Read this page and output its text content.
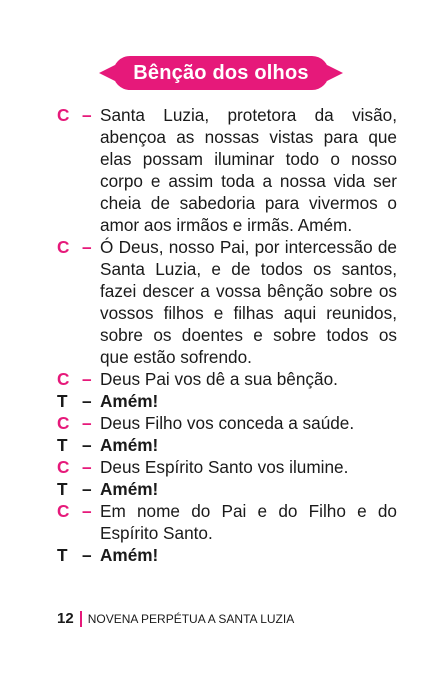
Bênção dos olhos
C – Santa Luzia, protetora da visão, abençoa as nossas vistas para que elas possam iluminar todo o nosso corpo e assim toda a nossa vida ser cheia de sabedoria para vivermos o amor aos irmãos e irmãs. Amém.
C – Ó Deus, nosso Pai, por intercessão de Santa Luzia, e de todos os santos, fazei descer a vossa bênção sobre os vossos filhos e filhas aqui reunidos, sobre os doentes e sobre todos os que estão sofrendo.
C – Deus Pai vos dê a sua bênção.
T – Amém!
C – Deus Filho vos conceda a saúde.
T – Amém!
C – Deus Espírito Santo vos ilumine.
T – Amém!
C – Em nome do Pai e do Filho e do Espírito Santo.
T – Amém!
12 NOVENA PERPÉTUA A SANTA LUZIA
